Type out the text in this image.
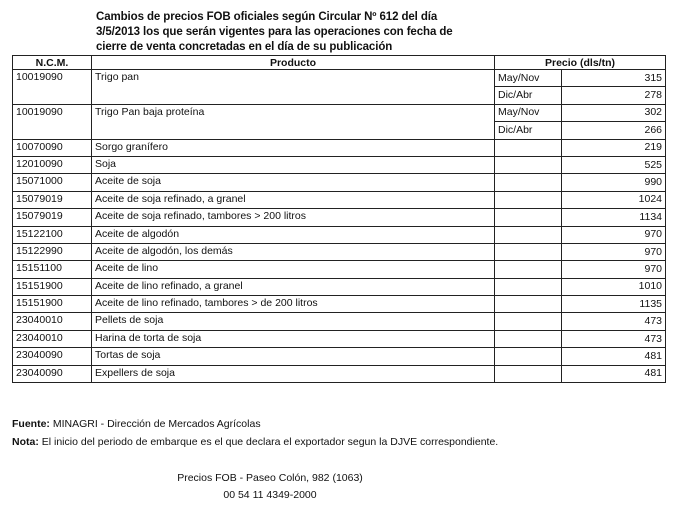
Cambios de precios FOB oficiales según Circular Nº 612 del día
3/5/2013 los que serán vigentes para las operaciones con fecha de
cierre de venta concretadas en el día de su publicación
N.C.M.	Producto	Precio (dls/tn)	
10019090	Trigo pan	May/Nov	315
		Dic/Abr	278
10019090	Trigo Pan baja proteína	May/Nov	302
		Dic/Abr	266
10070090	Sorgo granífero		219
12010090	Soja		525
15071000	Aceite de soja		990
15079019	Aceite de soja refinado, a granel		1024
15079019	Aceite de soja refinado, tambores > 200 litros		1134
15122100	Aceite de algodón		970
15122990	Aceite de algodón, los demás		970
15151100	Aceite de lino		970
15151900	Aceite de lino refinado, a granel		1010
15151900	Aceite de lino refinado, tambores > de 200 litros		1135
23040010	Pellets de soja		473
23040010	Harina de torta de soja		473
23040090	Tortas de soja		481
23040090	Expellers de soja		481
Fuente: MINAGRI - Dirección de Mercados Agrícolas
Nota: El inicio del periodo de embarque es el que declara el exportador segun la DJVE correspondiente.
Precios FOB - Paseo Colón, 982 (1063)
00 54 11 4349-2000
